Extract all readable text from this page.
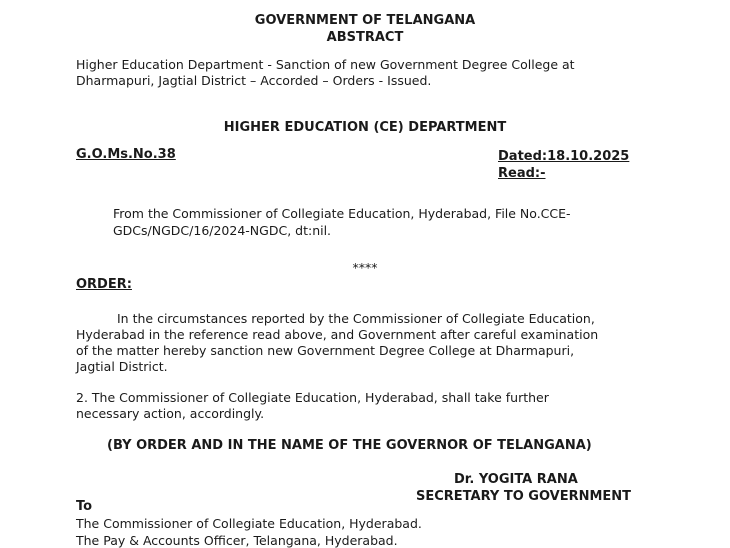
GOVERNMENT OF TELANGANA
ABSTRACT
Higher Education Department - Sanction of new Government Degree College at
Dharmapuri, Jagtial District – Accorded – Orders - Issued.
HIGHER EDUCATION (CE) DEPARTMENT
G.O.Ms.No.38	Dated:18.10.2025
Read:-
From the Commissioner of Collegiate Education, Hyderabad, File No.CCE-
GDCs/NGDC/16/2024-NGDC, dt:nil.
****
ORDER:
In the circumstances reported by the Commissioner of Collegiate Education,
Hyderabad in the reference read above, and Government after careful examination
of the matter hereby sanction new Government Degree College at Dharmapuri,
Jagtial District.
2. The Commissioner of Collegiate Education, Hyderabad, shall take further
necessary action, accordingly.
(BY ORDER AND IN THE NAME OF THE GOVERNOR OF TELANGANA)
Dr. YOGITA RANA
SECRETARY TO GOVERNMENT
To
The Commissioner of Collegiate Education, Hyderabad.
The Pay & Accounts Officer, Telangana, Hyderabad.
